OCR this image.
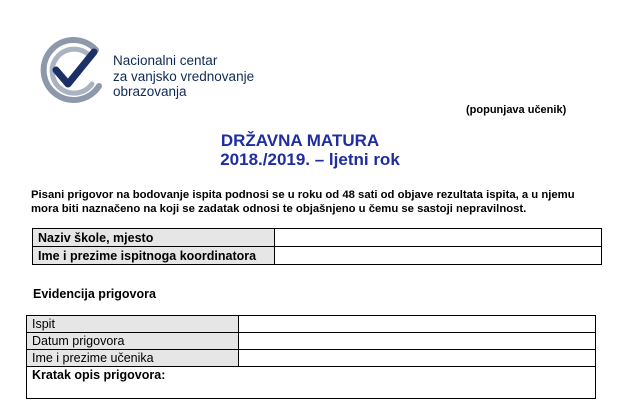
Nacionalni centar
za vanjsko vrednovanje
obrazovanja
(popunjava učenik)
DRŽAVNA MATURA
2018./2019. – ljetni rok
Pisani prigovor na bodovanje ispita podnosi se u roku od 48 sati od objave rezultata ispita, a u njemu mora biti naznačeno na koji se zadatak odnosi te objašnjeno u čemu se sastoji nepravilnost.
Naziv škole, mjesto	
Ime i prezime ispitnoga koordinatora	
Evidencija prigovora
Ispit	
Datum prigovora	
Ime i prezime učenika	
Kratak opis prigovora:	
